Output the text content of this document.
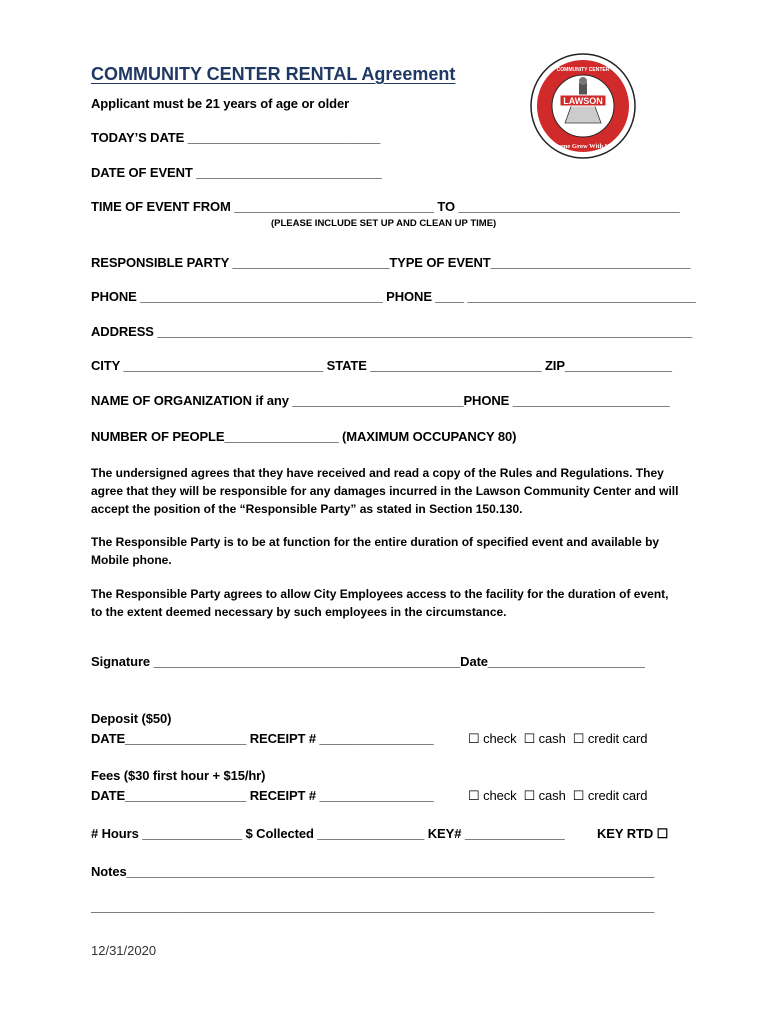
COMMUNITY CENTER RENTAL Agreement
Applicant must be 21 years of age or older	LAWSON
COMMUNITY CENTER
Come Grow With Us
TODAY’S DATE ___________________________
DATE OF EVENT __________________________
TIME OF EVENT FROM ____________________________ TO _______________________________
(PLEASE INCLUDE SET UP AND CLEAN UP TIME)
RESPONSIBLE PARTY ______________________TYPE OF EVENT____________________________
PHONE __________________________________ PHONE ____ ________________________________
ADDRESS ___________________________________________________________________________
CITY ____________________________ STATE ________________________ ZIP_______________
NAME OF ORGANIZATION if any ________________________PHONE ______________________
NUMBER OF PEOPLE________________ (MAXIMUM OCCUPANCY 80)
The undersigned agrees that they have received and read a copy of the Rules and Regulations. They agree that they will be responsible for any damages incurred in the Lawson Community Center and will accept the position of the “Responsible Party” as stated in Section 150.130.
The Responsible Party is to be at function for the entire duration of specified event and available by Mobile phone.
The Responsible Party agrees to allow City Employees access to the facility for the duration of event, to the extent deemed necessary by such employees in the circumstance.
Signature ___________________________________________Date______________________
Deposit ($50)
DATE_________________ RECEIPT # ________________	☐ check ☐ cash ☐ credit card
Fees ($30 first hour + $15/hr)
DATE_________________ RECEIPT # ________________	☐ check ☐ cash ☐ credit card
# Hours ______________ $ Collected _______________ KEY# ______________ KEY RTD ☐
Notes__________________________________________________________________________
_______________________________________________________________________________
12/31/2020
